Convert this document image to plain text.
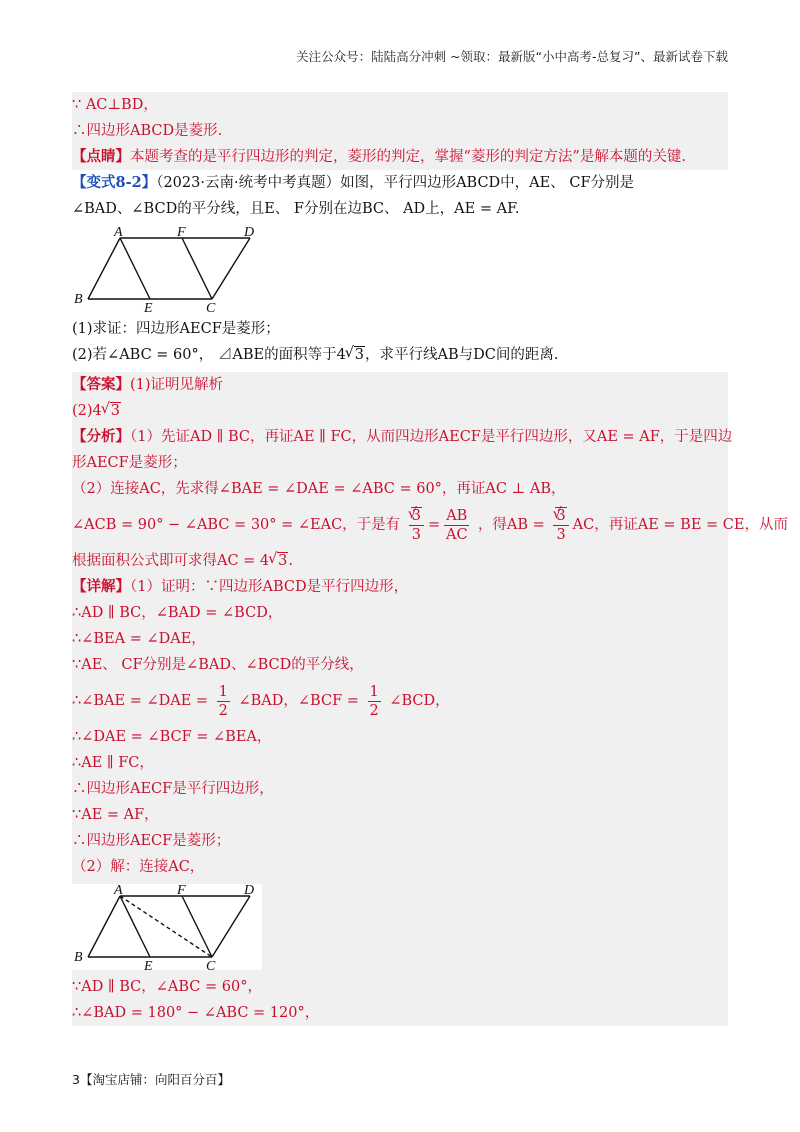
关注公众号：陆陆高分冲刺 ~领取：最新版“小中高考-总复习”、最新试卷下载
∵ AC⊥BD，
∴四边形ABCD是菱形.
【点睛】本题考查的是平行四边形的判定，菱形的判定，掌握“菱形的判定方法”是解本题的关键.
【变式8-2】（2023·云南·统考中考真题）如图，平行四边形ABCD中，AE、 CF分别是
∠BAD、∠BCD的平分线，且E、 F分别在边BC、 AD上，AE = AF.
A	F	D
B
E	C
(1)求证：四边形AECF是菱形；
(2)若∠ABC = 60°， ⊿ABE的面积等于4 √ 3，求平行线AB与DC间的距离.
【答案】(1)证明见解析
(2)4 √ 3
【分析】（1）先证AD ∥ BC，再证AE ∥ FC，从而四边形AECF是平行四边形，又AE = AF，于是四边
形AECF是菱形；
（2）连接AC，先求得∠BAE = ∠DAE = ∠ABC = 60°，再证AC ⊥ AB，
∠ACB = 90° − ∠ABC = 30° = ∠EAC，于是有 √ $\frac{3}{3} = \frac{AB}{AC}$ ，得AB = √ $\frac{3}{3}$ AC，再证AE = BE = CE，从而
根据面积公式即可求得AC = 4 √ 3.
【详解】（1）证明：∵四边形ABCD是平行四边形，
∴AD ∥ BC，∠BAD = ∠BCD，
∴∠BEA = ∠DAE，
∵AE、 CF分别是∠BAD、∠BCD的平分线，
∴∠BAE = ∠DAE = $\frac{1}{2}$ ∠BAD，∠BCF = $\frac{1}{2}$ ∠BCD，
∴∠DAE = ∠BCF = ∠BEA，
∴AE ∥ FC，
∴四边形AECF是平行四边形，
∵AE = AF，
∴四边形AECF是菱形；
（2）解：连接AC，
A	F	D
B
E	C
∵AD ∥ BC，∠ABC = 60°，
∴∠BAD = 180° − ∠ABC = 120°，
3【淘宝店铺：向阳百分百】
